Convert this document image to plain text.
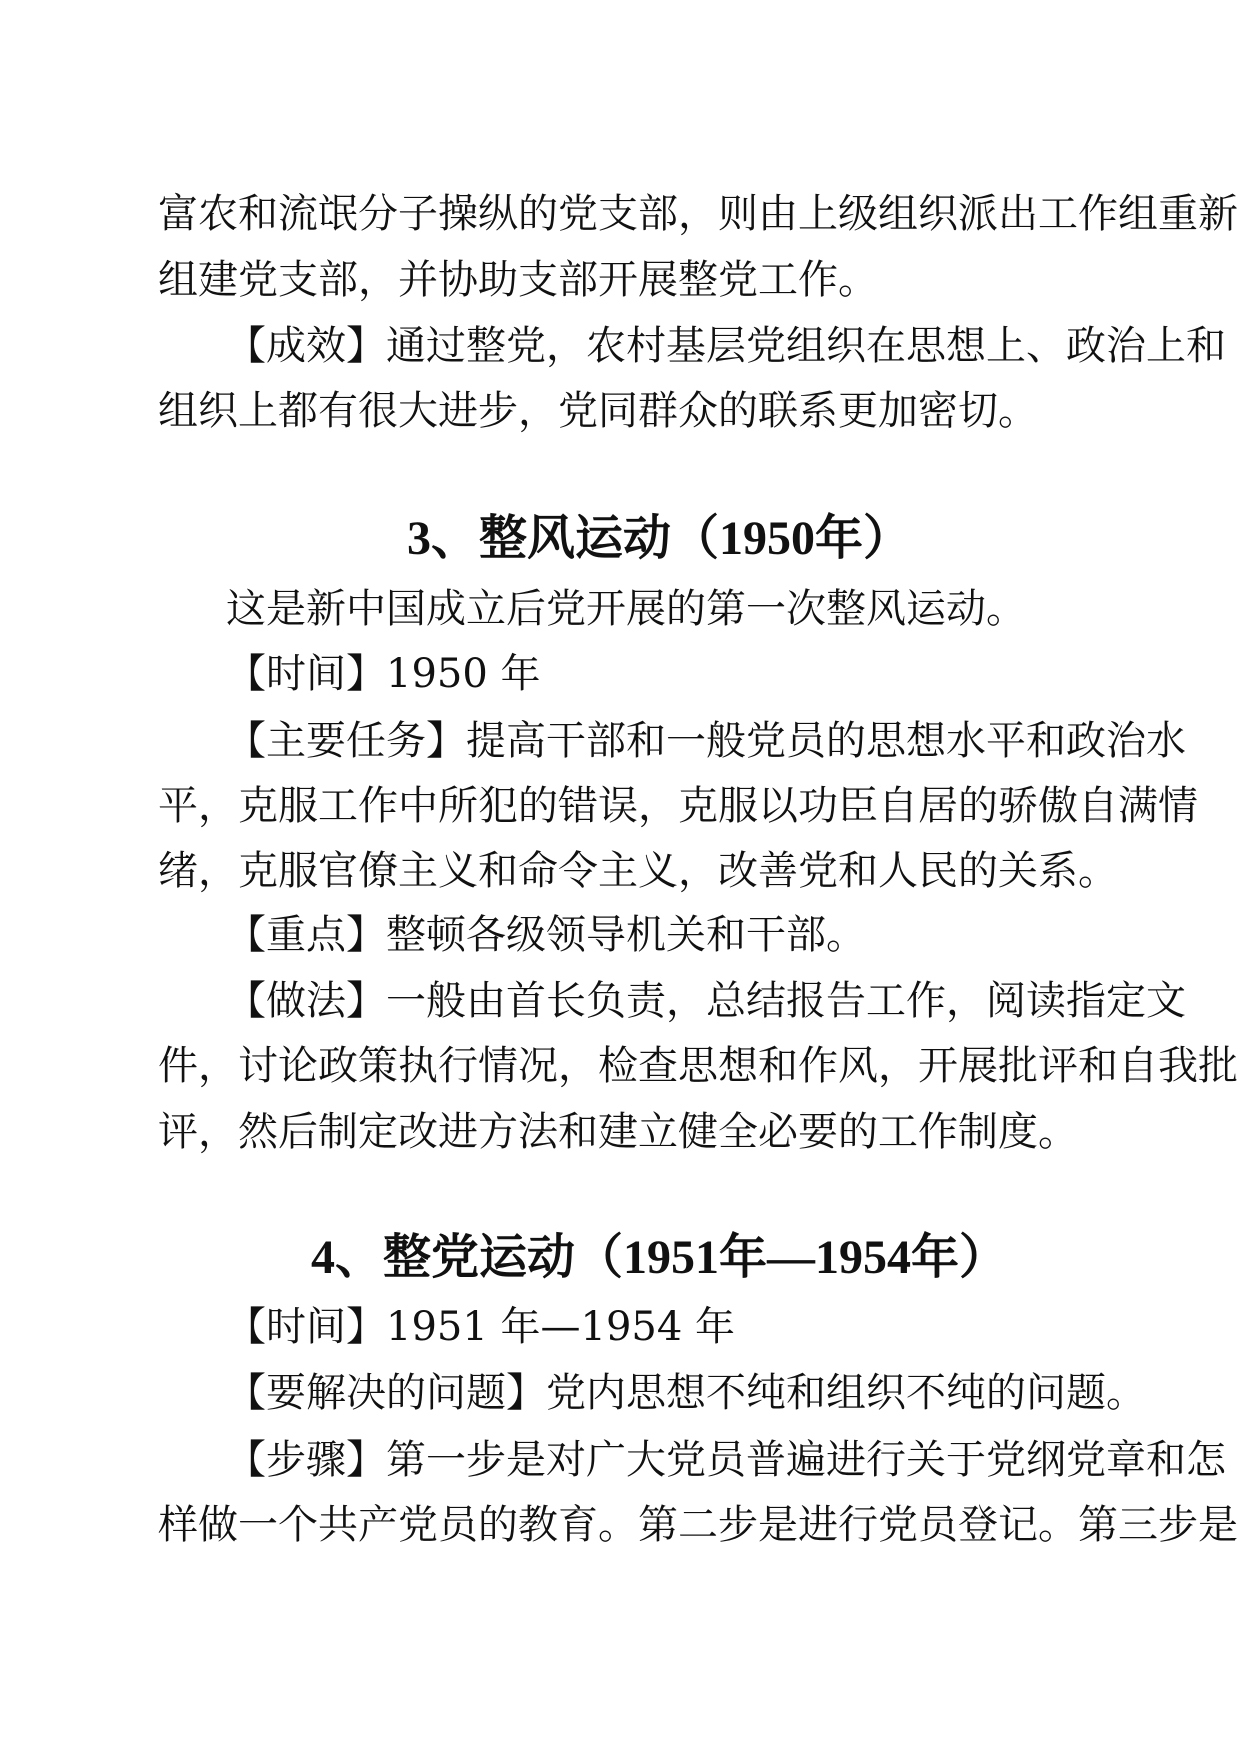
富农和流氓分子操纵的党支部，则由上级组织派出工作组重新
组建党支部，并协助支部开展整党工作。
【成效】通过整党，农村基层党组织在思想上、政治上和
组织上都有很大进步，党同群众的联系更加密切。
3、整风运动（1950年）
这是新中国成立后党开展的第一次整风运动。
【时间】1950 年
【主要任务】提高干部和一般党员的思想水平和政治水
平，克服工作中所犯的错误，克服以功臣自居的骄傲自满情
绪，克服官僚主义和命令主义，改善党和人民的关系。
【重点】整顿各级领导机关和干部。
【做法】一般由首长负责，总结报告工作，阅读指定文
件，讨论政策执行情况，检查思想和作风，开展批评和自我批
评，然后制定改进方法和建立健全必要的工作制度。
4、整党运动（1951年—1954年）
【时间】1951 年—1954 年
【要解决的问题】党内思想不纯和组织不纯的问题。
【步骤】第一步是对广大党员普遍进行关于党纲党章和怎
样做一个共产党员的教育。第二步是进行党员登记。第三步是
